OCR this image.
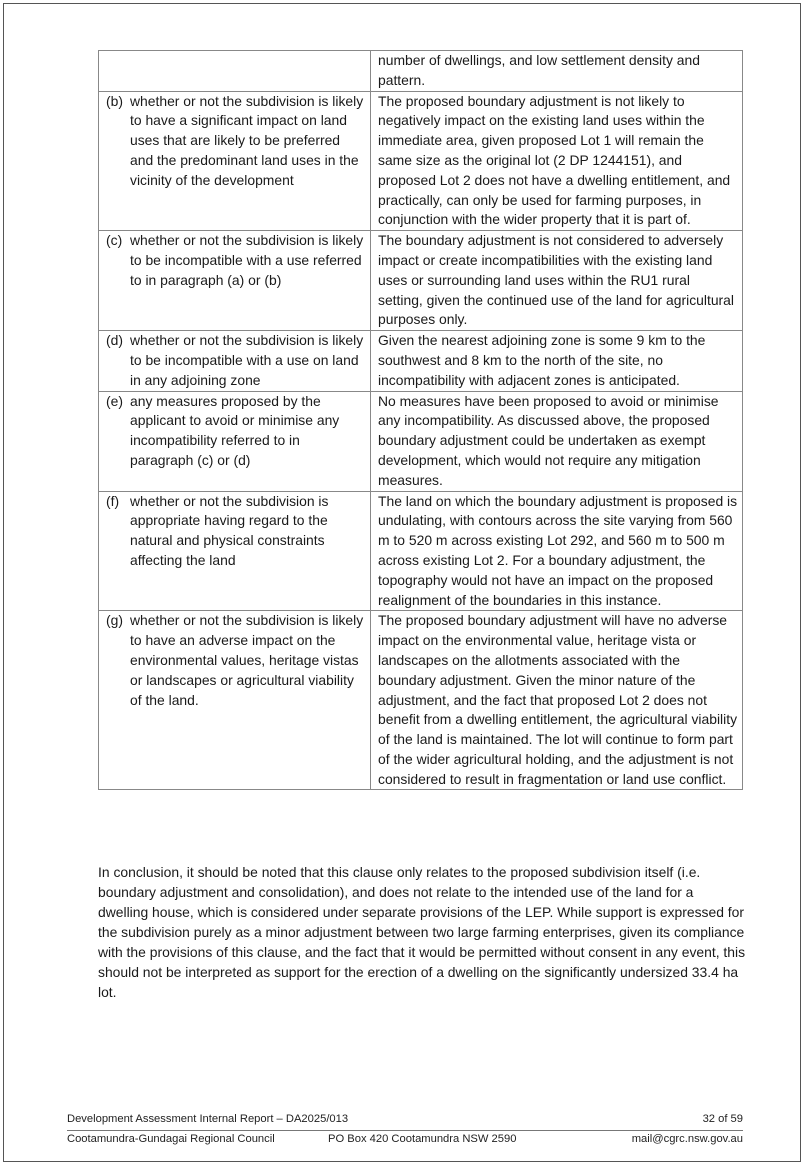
	number of dwellings, and low settlement density and pattern.

(b) whether or not the subdivision is likely to have a significant impact on land uses that are likely to be preferred and the predominant land uses in the vicinity of the development	The proposed boundary adjustment is not likely to negatively impact on the existing land uses within the immediate area, given proposed Lot 1 will remain the same size as the original lot (2 DP 1244151), and proposed Lot 2 does not have a dwelling entitlement, and practically, can only be used for farming purposes, in conjunction with the wider property that it is part of.

(c) whether or not the subdivision is likely to be incompatible with a use referred to in paragraph (a) or (b)	The boundary adjustment is not considered to adversely impact or create incompatibilities with the existing land uses or surrounding land uses within the RU1 rural setting, given the continued use of the land for agricultural purposes only.

(d) whether or not the subdivision is likely to be incompatible with a use on land in any adjoining zone	Given the nearest adjoining zone is some 9 km to the southwest and 8 km to the north of the site, no incompatibility with adjacent zones is anticipated.

(e) any measures proposed by the applicant to avoid or minimise any incompatibility referred to in paragraph (c) or (d)	No measures have been proposed to avoid or minimise any incompatibility. As discussed above, the proposed boundary adjustment could be undertaken as exempt development, which would not require any mitigation measures.

(f) whether or not the subdivision is appropriate having regard to the natural and physical constraints affecting the land	The land on which the boundary adjustment is proposed is undulating, with contours across the site varying from 560 m to 520 m across existing Lot 292, and 560 m to 500 m across existing Lot 2. For a boundary adjustment, the topography would not have an impact on the proposed realignment of the boundaries in this instance.

(g) whether or not the subdivision is likely to have an adverse impact on the environmental values, heritage vistas or landscapes or agricultural viability of the land.	The proposed boundary adjustment will have no adverse impact on the environmental value, heritage vista or landscapes on the allotments associated with the boundary adjustment. Given the minor nature of the adjustment, and the fact that proposed Lot 2 does not benefit from a dwelling entitlement, the agricultural viability of the land is maintained. The lot will continue to form part of the wider agricultural holding, and the adjustment is not considered to result in fragmentation or land use conflict.

In conclusion, it should be noted that this clause only relates to the proposed subdivision itself (i.e. boundary adjustment and consolidation), and does not relate to the intended use of the land for a dwelling house, which is considered under separate provisions of the LEP. While support is expressed for the subdivision purely as a minor adjustment between two large farming enterprises, given its compliance with the provisions of this clause, and the fact that it would be permitted without consent in any event, this should not be interpreted as support for the erection of a dwelling on the significantly undersized 33.4 ha lot.

Development Assessment Internal Report – DA2025/013	32 of 59
Cootamundra-Gundagai Regional Council	PO Box 420 Cootamundra NSW 2590	mail@cgrc.nsw.gov.au
